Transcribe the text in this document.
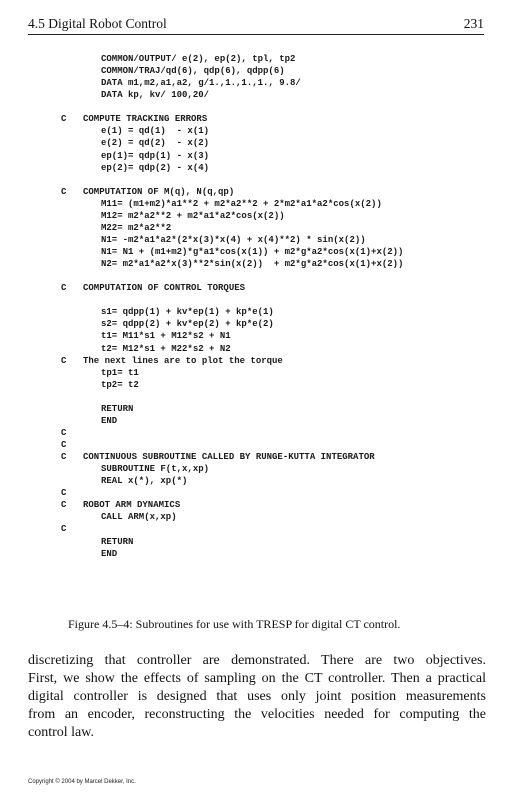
4.5 Digital Robot Control	231
COMMON/OUTPUT/ e(2), ep(2), tpl, tp2
COMMON/TRAJ/qd(6), qdp(6), qdpp(6)
DATA m1,m2,a1,a2, g/1.,1.,1.,1., 9.8/
DATA kp, kv/ 100,20/
C COMPUTE TRACKING ERRORS
e(1) = qd(1)  - x(1)
e(2) = qd(2)  - x(2)
ep(1)= qdp(1) - x(3)
ep(2)= qdp(2) - x(4)
C COMPUTATION OF M(q), N(q,qp)
M11= (m1+m2)*a1**2 + m2*a2**2 + 2*m2*a1*a2*cos(x(2))
M12= m2*a2**2 + m2*a1*a2*cos(x(2))
M22= m2*a2**2
N1= -m2*a1*a2*(2*x(3)*x(4) + x(4)**2) * sin(x(2))
N1= N1 + (m1+m2)*g*a1*cos(x(1)) + m2*g*a2*cos(x(1)+x(2))
N2= m2*a1*a2*x(3)**2*sin(x(2))  + m2*g*a2*cos(x(1)+x(2))
C COMPUTATION OF CONTROL TORQUES
s1= qdpp(1) + kv*ep(1) + kp*e(1)
s2= qdpp(2) + kv*ep(2) + kp*e(2)
t1= M11*s1 + M12*s2 + N1
t2= M12*s1 + M22*s2 + N2
C The next lines are to plot the torque
tp1= t1
tp2= t2
RETURN
END
C
C
C CONTINUOUS SUBROUTINE CALLED BY RUNGE-KUTTA INTEGRATOR
SUBROUTINE F(t,x,xp)
REAL x(*), xp(*)
C
C ROBOT ARM DYNAMICS
CALL ARM(x,xp)
C
RETURN
END
Figure 4.5–4: Subroutines for use with TRESP for digital CT control.
discretizing that controller are demonstrated. There are two objectives.
First, we show the effects of sampling on the CT controller. Then a practical
digital controller is designed that uses only joint position measurements
from an encoder, reconstructing the velocities needed for computing the
control law.
Copyright © 2004 by Marcel Dekker, Inc.
